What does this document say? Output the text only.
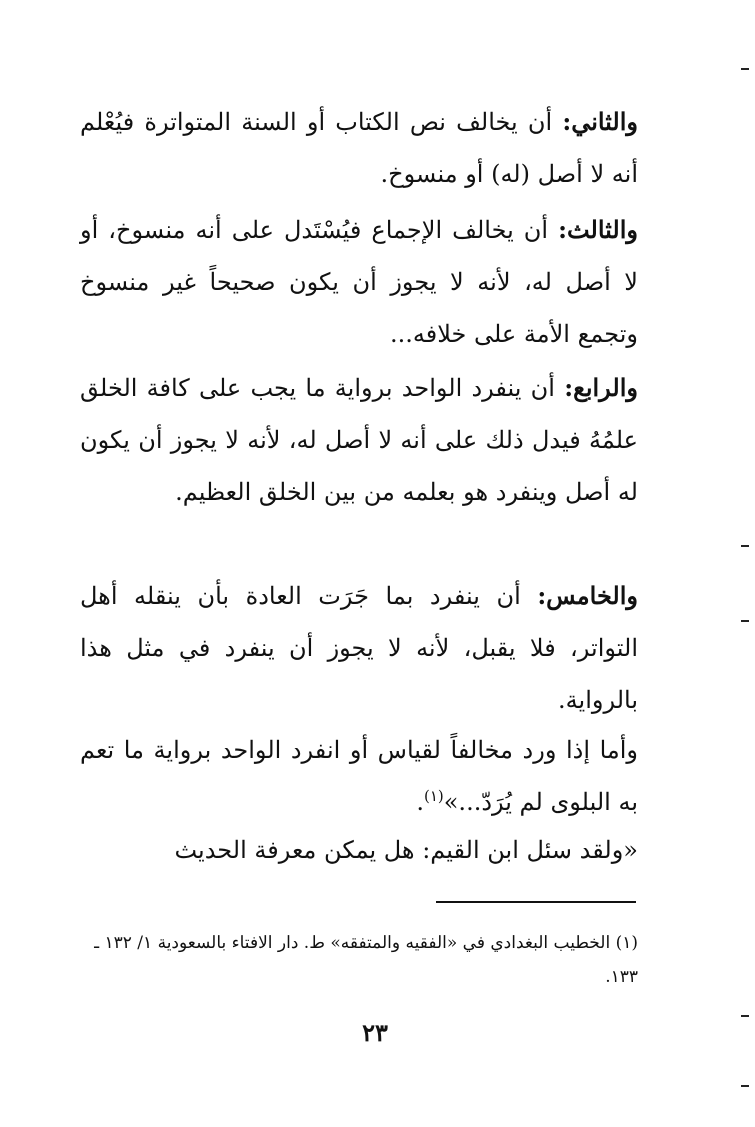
والثاني: أن يخالف نص الكتاب أو السنة المتواترة فيُعْلم أنه لا أصل (له) أو منسوخ.

والثالث: أن يخالف الإجماع فيُسْتَدل على أنه منسوخ، أو لا أصل له، لأنه لا يجوز أن يكون صحيحاً غير منسوخ وتجمع الأمة على خلافه...

والرابع: أن ينفرد الواحد برواية ما يجب على كافة الخلق علمُهُ فيدل ذلك على أنه لا أصل له، لأنه لا يجوز أن يكون له أصل وينفرد هو بعلمه من بين الخلق العظيم.

والخامس: أن ينفرد بما جَرَت العادة بأن ينقله أهل التواتر، فلا يقبل، لأنه لا يجوز أن ينفرد في مثل هذا بالرواية.

وأما إذا ورد مخالفاً لقياس أو انفرد الواحد برواية ما تعم به البلوى لم يُرَدّ...»$^{(١)}$.

«ولقد سئل ابن القيم: هل يمكن معرفة الحديث

(١) الخطيب البغدادي في «الفقيه والمتفقه» ط. دار الافتاء بالسعودية ١/ ١٣٢ ـ ١٣٣.

٢٣
